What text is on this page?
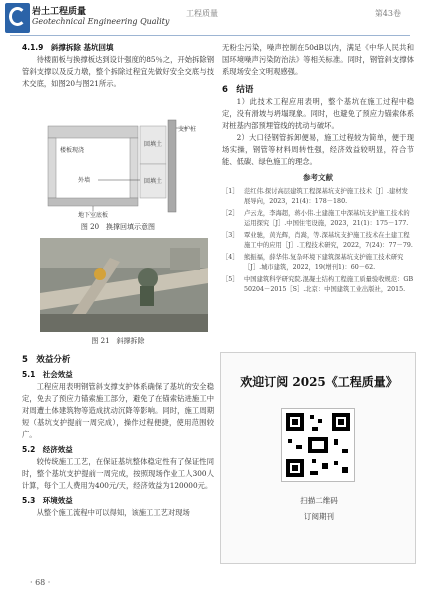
岩土工程质量
Geotechnical Engineering Quality
工程质量	第43卷
4.1.9　斜撑拆除 基坑回填

待楼面板与换撑板达到设计强度的85％之，开始拆除钢管斜支撑以及反力墩，整个拆除过程宜先做好安全交底与技术交底，如图20与图21所示。

楼板现浇
回填土
回填土
支护桩
外墙
地下室底板
图 20　换撑回填示意图
图 21　斜撑拆除
5　效益分析
5.1　社会效益

工程应用表明钢管斜支撑支护体系确保了基坑的安全稳定，免去了预应力锚索施工部分，避免了在锚索钻进施工中对周遭土体建筑物等造成扰动沉降等影响。同时，施工周期短（基坑支护提前一周完成），操作过程便捷，使用范围较广。

5.2　经济效益

较传统施工工艺，在保证基坑整体稳定性有了保证性同时，整个基坑支护提前一周完成，按照现场作业工人300人计算，每个工人费用为400元/天，经济效益为120000元。

5.3　环境效益

从整个施工流程中可以得知，该施工工艺对现场

无粉尘污染，噪声控制在50dB以内，满足《中华人民共和国环境噪声污染防治法》等相关标准。同时，钢管斜支撑体系现场安全文明观感强。

6　结语

1）此技术工程应用表明，整个基坑在施工过程中稳定，没有滑坡与坍塌现象。同时，也避免了预应力锚索体系对桩基内部预埋管线的扰动与破坏。

2）大口径钢管拆卸便易，施工过程较为简单，便于现场实操，钢管等材料周转性强，经济效益较明显，符合节能、低碳、绿色施工的理念。

参考文献
［1］ 范红伟.探讨高层建筑工程深基坑支护施工技术［J］.建材发展导向，2023，21(4)：178－180.
［2］ 卢云龙，李海超，蒋小伟.土建施工中深基坑支护施工技术的运用探究［J］.中国住宅设施，2023，21(1)：175－177.
［3］ 覃业驰，黄光辉，肖嵩，等.深基坑支护施工技术在土建工程施工中的应用［J］.工程技术研究，2022，7(24)：77－79.
［4］ 熊振福，薛华伟.复杂环境下建筑深基坑支护施工技术研究［J］.城市建筑，2022，19(增刊1)：60－62.
［5］ 中国建筑科学研究院.混凝土结构工程施工质量验收规范：GB 50204－2015［S］.北京：中国建筑工业出版社，2015.
欢迎订阅 2025《工程质量》
扫描二维码
订阅期刊
· 68 ·
